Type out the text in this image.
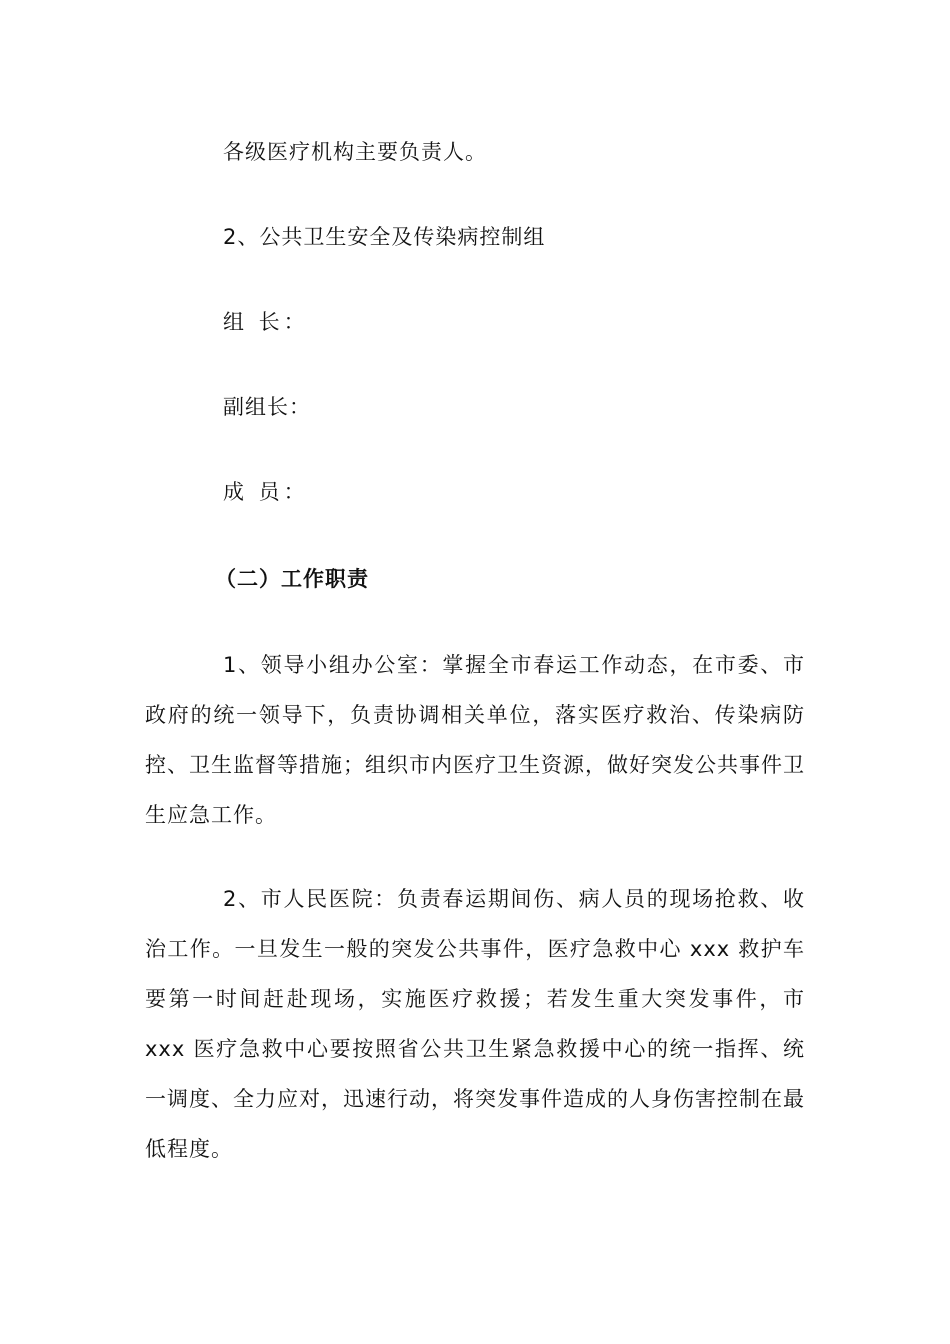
各级医疗机构主要负责人。
2、公共卫生安全及传染病控制组
组 长：
副组长：
成 员：
（二）工作职责
1、领导小组办公室：掌握全市春运工作动态，在市委、市政府的统一领导下，负责协调相关单位，落实医疗救治、传染病防控、卫生监督等措施；组织市内医疗卫生资源，做好突发公共事件卫生应急工作。
2、市人民医院：负责春运期间伤、病人员的现场抢救、收治工作。一旦发生一般的突发公共事件，医疗急救中心 xxx 救护车要第一时间赶赴现场，实施医疗救援；若发生重大突发事件，市 xxx 医疗急救中心要按照省公共卫生紧急救援中心的统一指挥、统一调度、全力应对，迅速行动，将突发事件造成的人身伤害控制在最低程度。
